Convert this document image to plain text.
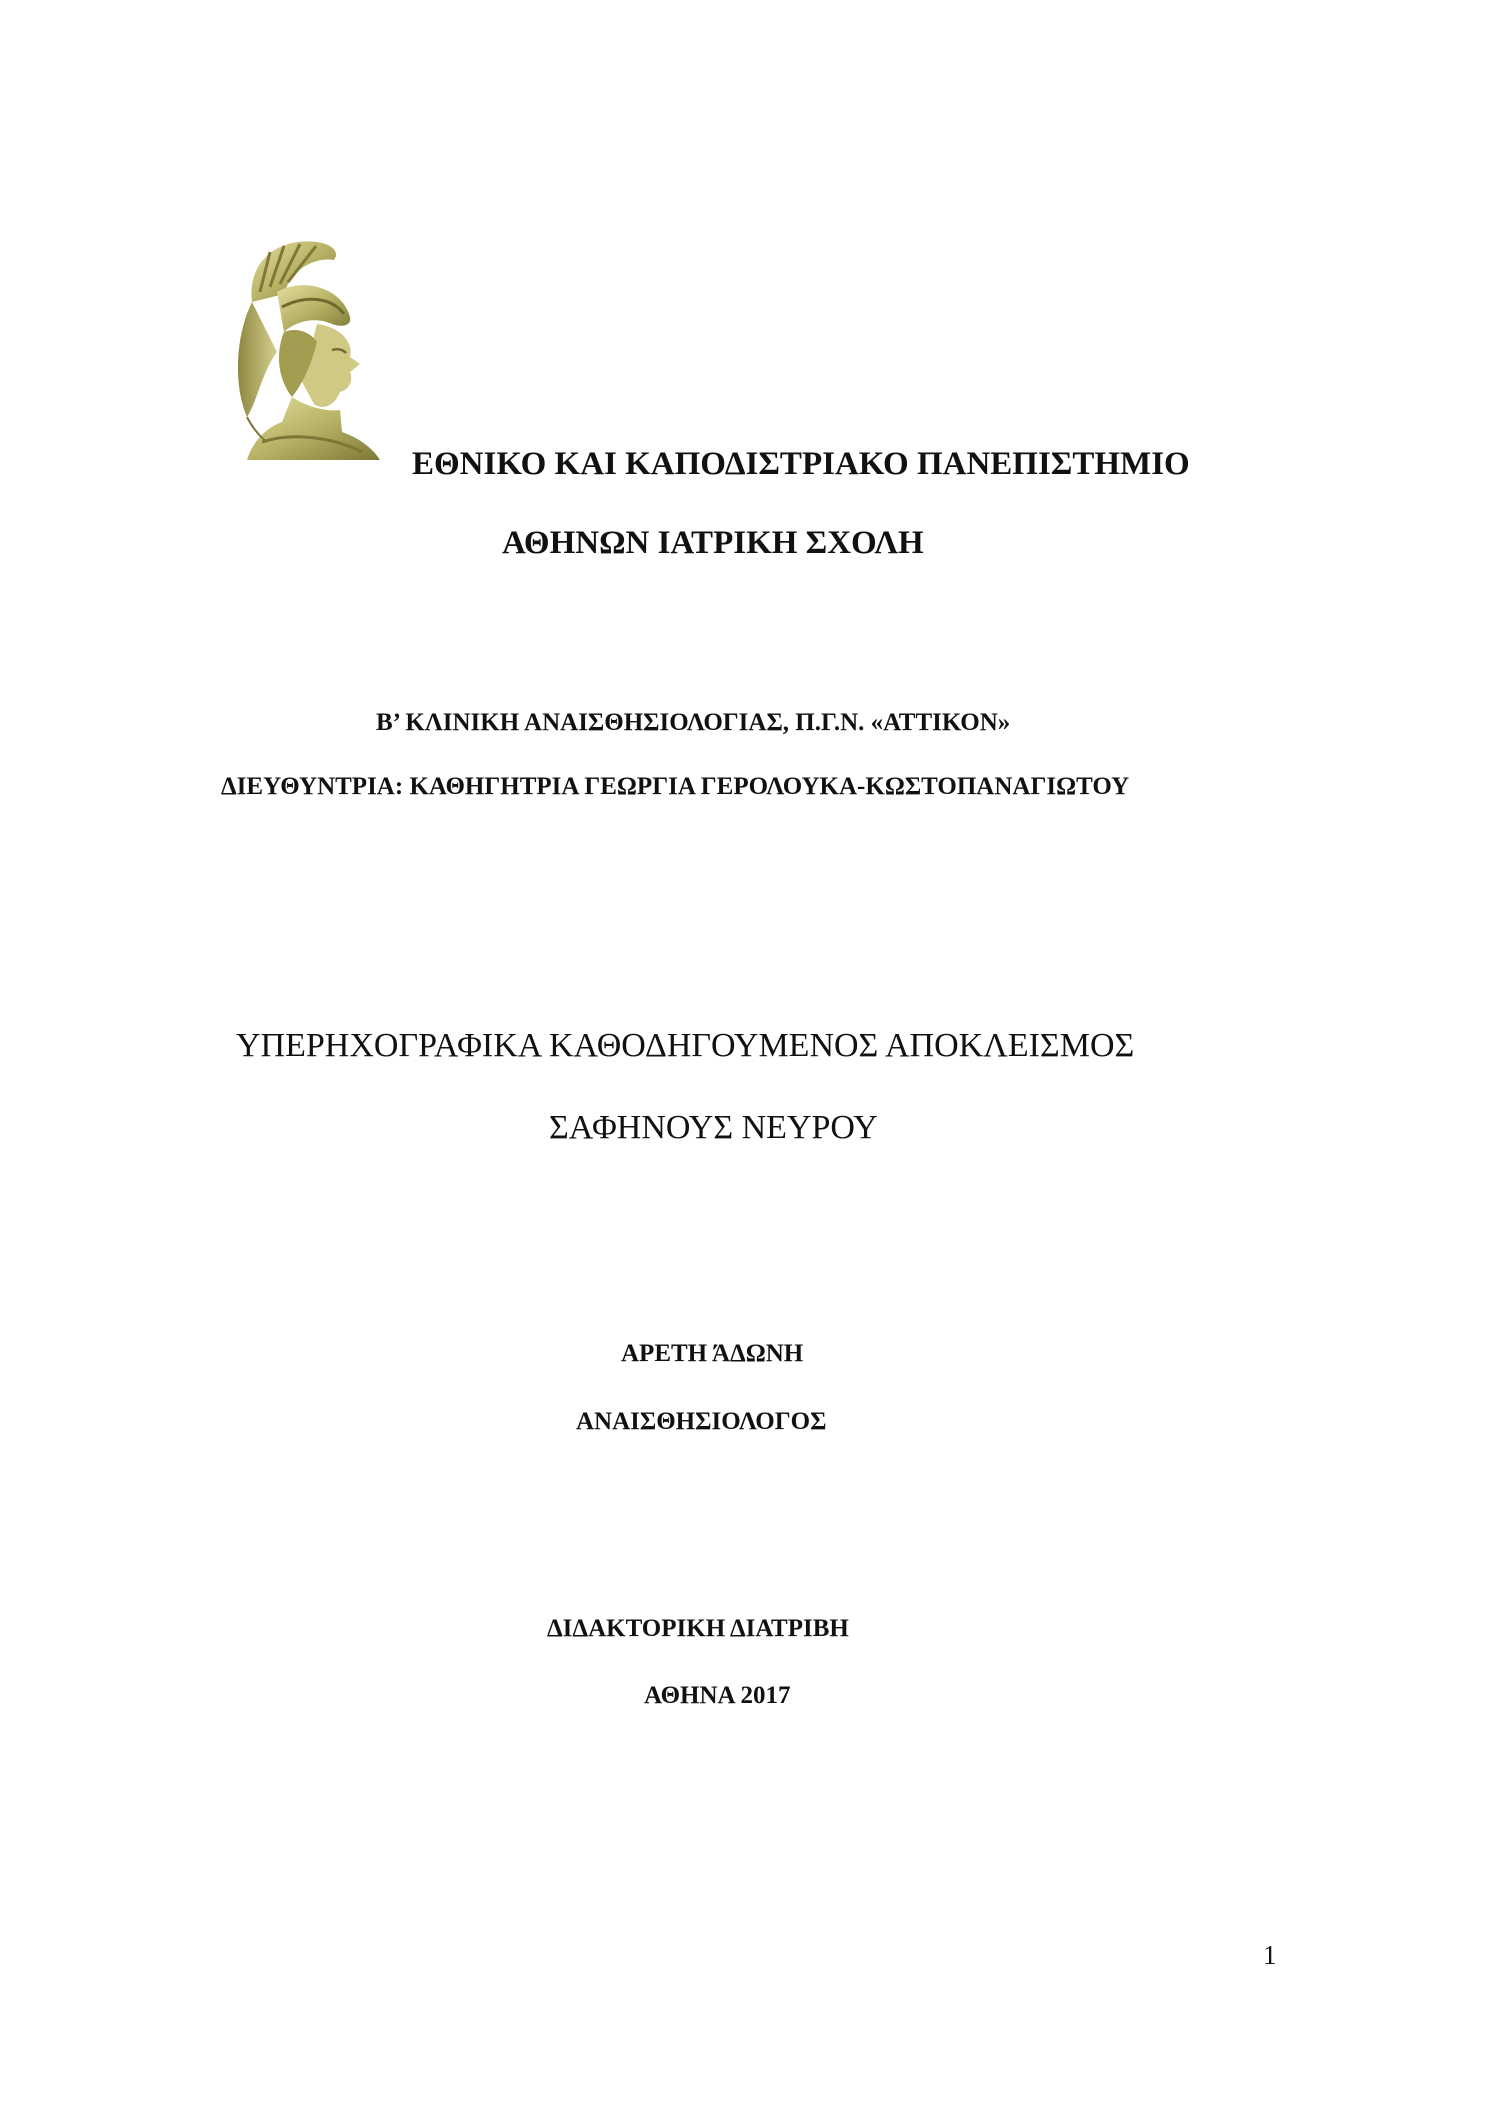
ΕΘΝΙΚΟ ΚΑΙ ΚΑΠΟΔΙΣΤΡΙΑΚΟ ΠΑΝΕΠΙΣΤΗΜΙΟ
ΑΘΗΝΩΝ ΙΑΤΡΙΚΗ ΣΧΟΛΗ
Β’ ΚΛΙΝΙΚΗ ΑΝΑΙΣΘΗΣΙΟΛΟΓΙΑΣ, Π.Γ.Ν. «ΑΤΤΙΚΟΝ»
ΔΙΕΥΘΥΝΤΡΙΑ: ΚΑΘΗΓΗΤΡΙΑ ΓΕΩΡΓΙΑ ΓΕΡΟΛΟΥΚΑ-ΚΩΣΤΟΠΑΝΑΓΙΩΤΟΥ
ΥΠΕΡΗΧΟΓΡΑΦΙΚΑ ΚΑΘΟΔΗΓΟΥΜΕΝΟΣ ΑΠΟΚΛΕΙΣΜΟΣ
ΣΑΦΗΝΟΥΣ ΝΕΥΡΟΥ
ΑΡΕΤΗ ΆΔΩΝΗ
ΑΝΑΙΣΘΗΣΙΟΛΟΓΟΣ
ΔΙΔΑΚΤΟΡΙΚΗ ΔΙΑΤΡΙΒΗ
ΑΘΗΝΑ 2017
1
